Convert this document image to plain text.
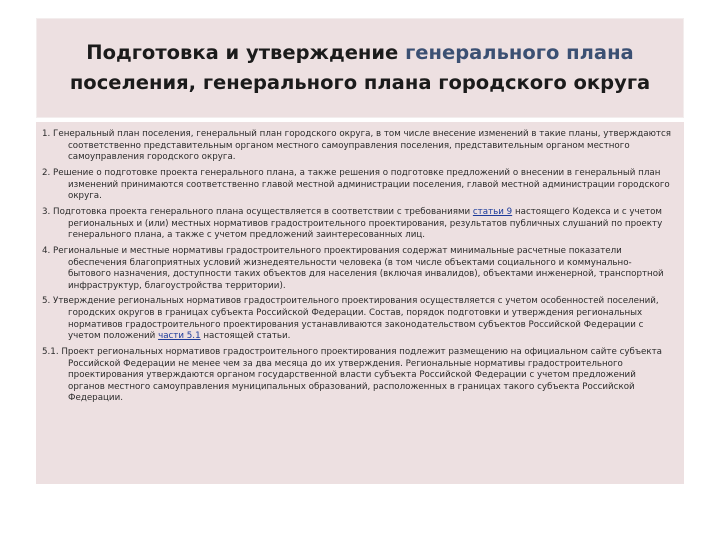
Подготовка и утверждение генерального плана
поселения, генерального плана городского округа

1. Генеральный план поселения, генеральный план городского округа, в том числе внесение изменений в такие планы, утверждаются соответственно представительным органом местного самоуправления поселения, представительным органом местного самоуправления городского округа.

2. Решение о подготовке проекта генерального плана, а также решения о подготовке предложений о внесении в генеральный план изменений принимаются соответственно главой местной администрации поселения, главой местной администрации городского округа.

3. Подготовка проекта генерального плана осуществляется в соответствии с требованиями статьи 9 настоящего Кодекса и с учетом региональных и (или) местных нормативов градостроительного проектирования, результатов публичных слушаний по проекту генерального плана, а также с учетом предложений заинтересованных лиц.

4. Региональные и местные нормативы градостроительного проектирования содержат минимальные расчетные показатели обеспечения благоприятных условий жизнедеятельности человека (в том числе объектами социального и коммунально-бытового назначения, доступности таких объектов для населения (включая инвалидов), объектами инженерной, транспортной инфраструктур, благоустройства территории).

5. Утверждение региональных нормативов градостроительного проектирования осуществляется с учетом особенностей поселений, городских округов в границах субъекта Российской Федерации. Состав, порядок подготовки и утверждения региональных нормативов градостроительного проектирования устанавливаются законодательством субъектов Российской Федерации с учетом положений части 5.1 настоящей статьи.

5.1. Проект региональных нормативов градостроительного проектирования подлежит размещению на официальном сайте субъекта Российской Федерации не менее чем за два месяца до их утверждения. Региональные нормативы градостроительного проектирования утверждаются органом государственной власти субъекта Российской Федерации с учетом предложений органов местного самоуправления муниципальных образований, расположенных в границах такого субъекта Российской Федерации.
